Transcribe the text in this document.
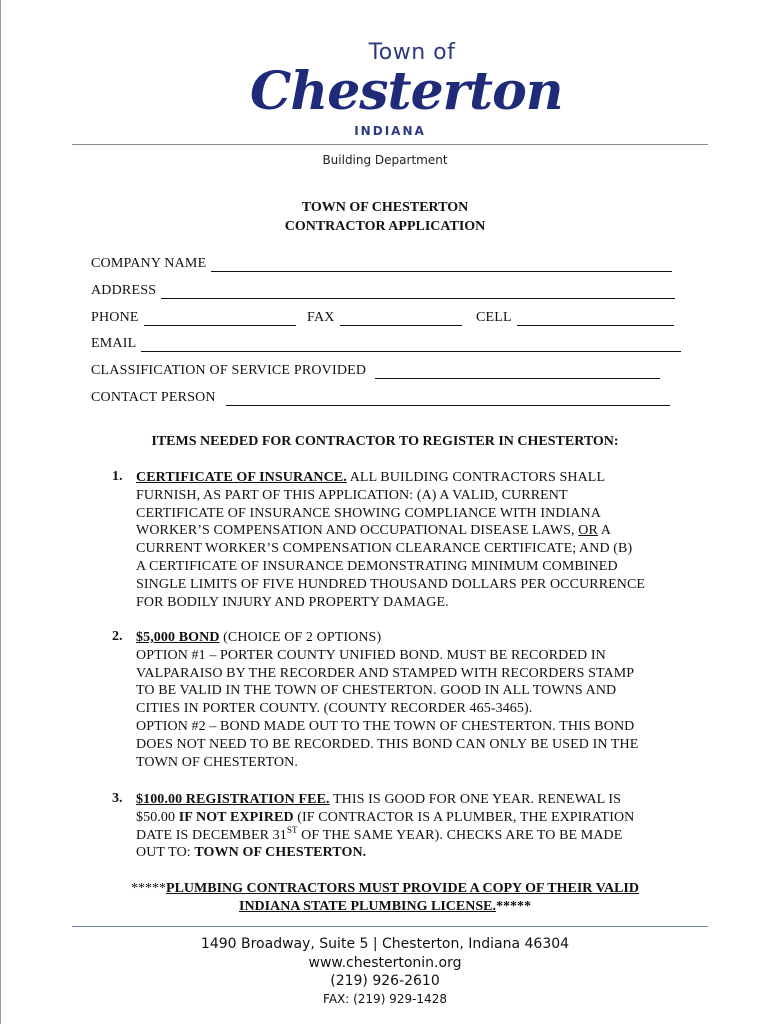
Town of
Chesterton
INDIANA
Building Department
TOWN OF CHESTERTON
CONTRACTOR APPLICATION
COMPANY NAME
ADDRESS
PHONE	FAX	CELL
EMAIL
CLASSIFICATION OF SERVICE PROVIDED
CONTACT PERSON
ITEMS NEEDED FOR CONTRACTOR TO REGISTER IN CHESTERTON:
1. CERTIFICATE OF INSURANCE. ALL BUILDING CONTRACTORS SHALL
FURNISH, AS PART OF THIS APPLICATION: (A) A VALID, CURRENT
CERTIFICATE OF INSURANCE SHOWING COMPLIANCE WITH INDIANA
WORKER’S COMPENSATION AND OCCUPATIONAL DISEASE LAWS, OR A
CURRENT WORKER’S COMPENSATION CLEARANCE CERTIFICATE; AND (B)
A CERTIFICATE OF INSURANCE DEMONSTRATING MINIMUM COMBINED
SINGLE LIMITS OF FIVE HUNDRED THOUSAND DOLLARS PER OCCURRENCE
FOR BODILY INJURY AND PROPERTY DAMAGE.
2. $5,000 BOND (CHOICE OF 2 OPTIONS)
OPTION #1 – PORTER COUNTY UNIFIED BOND. MUST BE RECORDED IN
VALPARAISO BY THE RECORDER AND STAMPED WITH RECORDERS STAMP
TO BE VALID IN THE TOWN OF CHESTERTON. GOOD IN ALL TOWNS AND
CITIES IN PORTER COUNTY. (COUNTY RECORDER 465-3465).
OPTION #2 – BOND MADE OUT TO THE TOWN OF CHESTERTON. THIS BOND
DOES NOT NEED TO BE RECORDED. THIS BOND CAN ONLY BE USED IN THE
TOWN OF CHESTERTON.
3. $100.00 REGISTRATION FEE. THIS IS GOOD FOR ONE YEAR. RENEWAL IS
$50.00 IF NOT EXPIRED (IF CONTRACTOR IS A PLUMBER, THE EXPIRATION
DATE IS DECEMBER 31ST OF THE SAME YEAR). CHECKS ARE TO BE MADE
OUT TO: TOWN OF CHESTERTON.
*****PLUMBING CONTRACTORS MUST PROVIDE A COPY OF THEIR VALID
INDIANA STATE PLUMBING LICENSE.*****
1490 Broadway, Suite 5 | Chesterton, Indiana 46304
www.chestertonin.org
(219) 926-2610
FAX: (219) 929-1428
